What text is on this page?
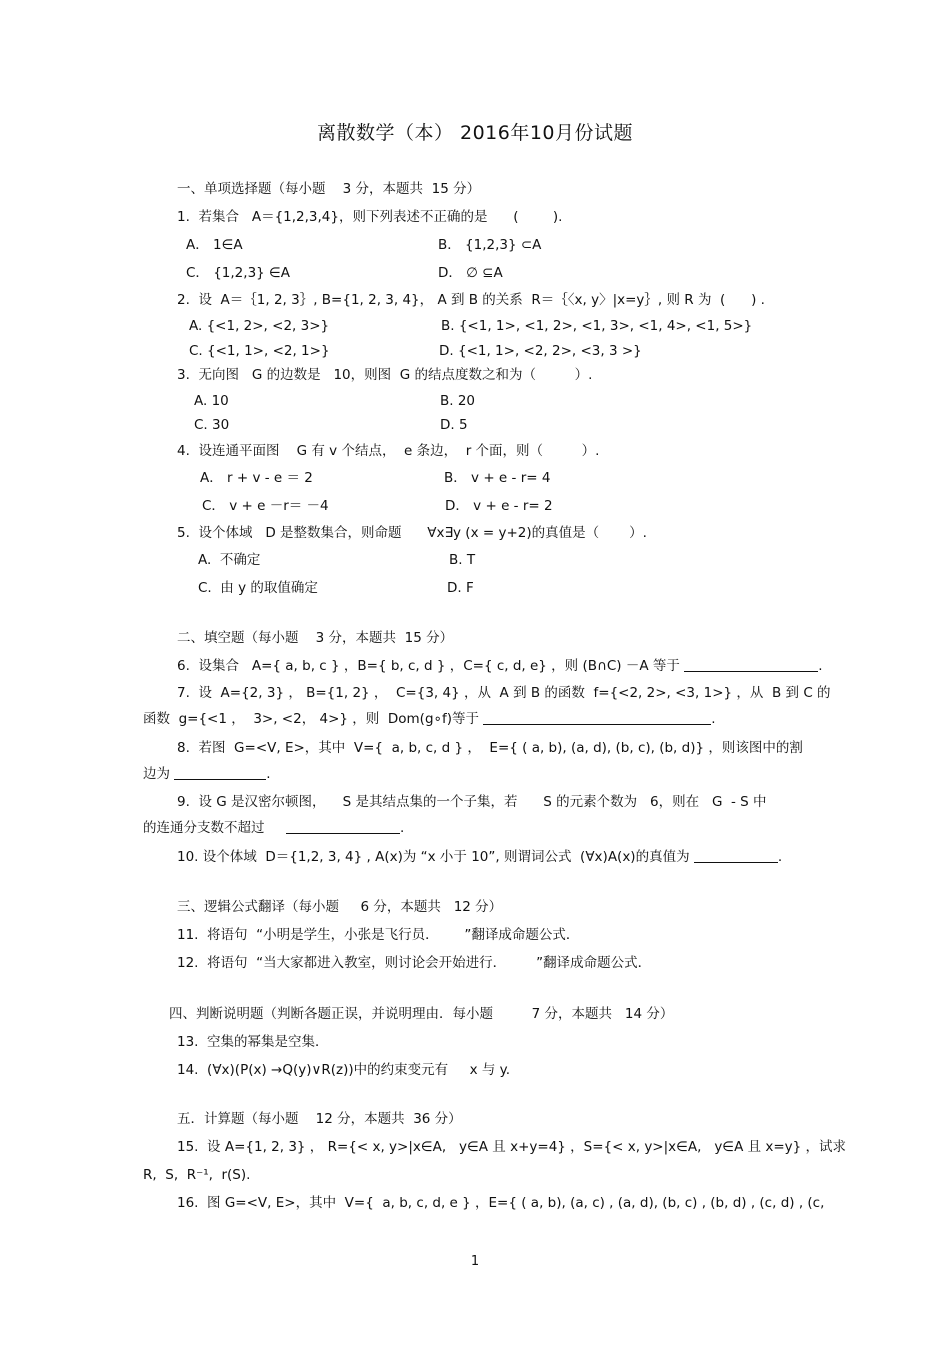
离散数学（本） 2016年10月份试题
一、单项选择题（每小题    3 分，本题共  15 分）
1.  若集合   A＝{1,2,3,4}，则下列表述不正确的是      (        ).
A． 1∈A	B． {1,2,3} ⊂A
C． {1,2,3} ∈A	D． ∅ ⊆A
2.  设  A＝｛1, 2, 3｝, B={1, 2, 3, 4}， A 到 B 的关系  R＝｛〈x, y〉|x=y｝, 则 R 为  (      ) .
A. {<1, 2>, <2, 3>}	B. {<1, 1>, <1, 2>, <1, 3>, <1, 4>, <1, 5>}
C. {<1, 1>, <2, 1>}	D. {<1, 1>, <2, 2>, <3, 3 >}
3.  无向图   G 的边数是   10，则图  G 的结点度数之和为（         ）.
A. 10	B. 20
C. 30	D. 5
4.  设连通平面图    G 有 v 个结点，  e 条边，  r 个面，则（         ）.
A． r + v - e ＝ 2	B． v + e - r= 4
C． v + e －r＝ －4	D． v + e - r= 2
5.  设个体域   D 是整数集合，则命题      ∀x∃y (x = y+2)的真值是（       ）.
A.  不确定	B. T
C.  由 y 的取值确定	D. F
二、填空题（每小题    3 分，本题共  15 分）
6.  设集合   A={ a, b, c } ，B={ b, c, d } ，C={ c, d, e} ，则 (B∩C) －A 等于	.
7.  设  A={2, 3} ， B={1, 2} ，  C={3, 4} ，从  A 到 B 的函数  f={<2, 2>, <3, 1>} ，从  B 到 C 的
函数  g={<1 ，  3>, <2， 4>} ，则  Dom(g∘f)等于	.
8.  若图  G=<V, E>，其中  V={  a, b, c, d } ，  E={ ( a, b), (a, d), (b, c), (b, d)} ，则该图中的割
边为	.
9.  设 G 是汉密尔顿图，    S 是其结点集的一个子集，若      S 的元素个数为   6，则在   G  - S 中
的连通分支数不超过	.
10. 设个体域  D＝{1,2, 3, 4} , A(x)为 “x 小于 10”, 则谓词公式  (∀x)A(x)的真值为	.
三、逻辑公式翻译（每小题     6 分，本题共   12 分）
11.  将语句  “小明是学生，小张是飞行员．      ”翻译成命题公式．
12.  将语句  “当大家都进入教室，则讨论会开始进行．       ”翻译成命题公式．
四、判断说明题（判断各题正误，并说明理由．每小题         7 分，本题共   14 分）
13.  空集的幂集是空集．
14.  (∀x)(P(x) →Q(y)∨R(z))中的约束变元有     x 与 y.
五．计算题（每小题    12 分，本题共  36 分）
15.  设 A={1, 2, 3} ， R={< x, y>|x∈A,   y∈A 且 x+y=4} ，S={< x, y>|x∈A,   y∈A 且 x=y} ，试求
R,  S,  R⁻¹,  r(S).
16.  图 G=<V, E>，其中  V={  a, b, c, d, e } ，E={ ( a, b), (a, c) , (a, d), (b, c) , (b, d) , (c, d) , (c,
1
